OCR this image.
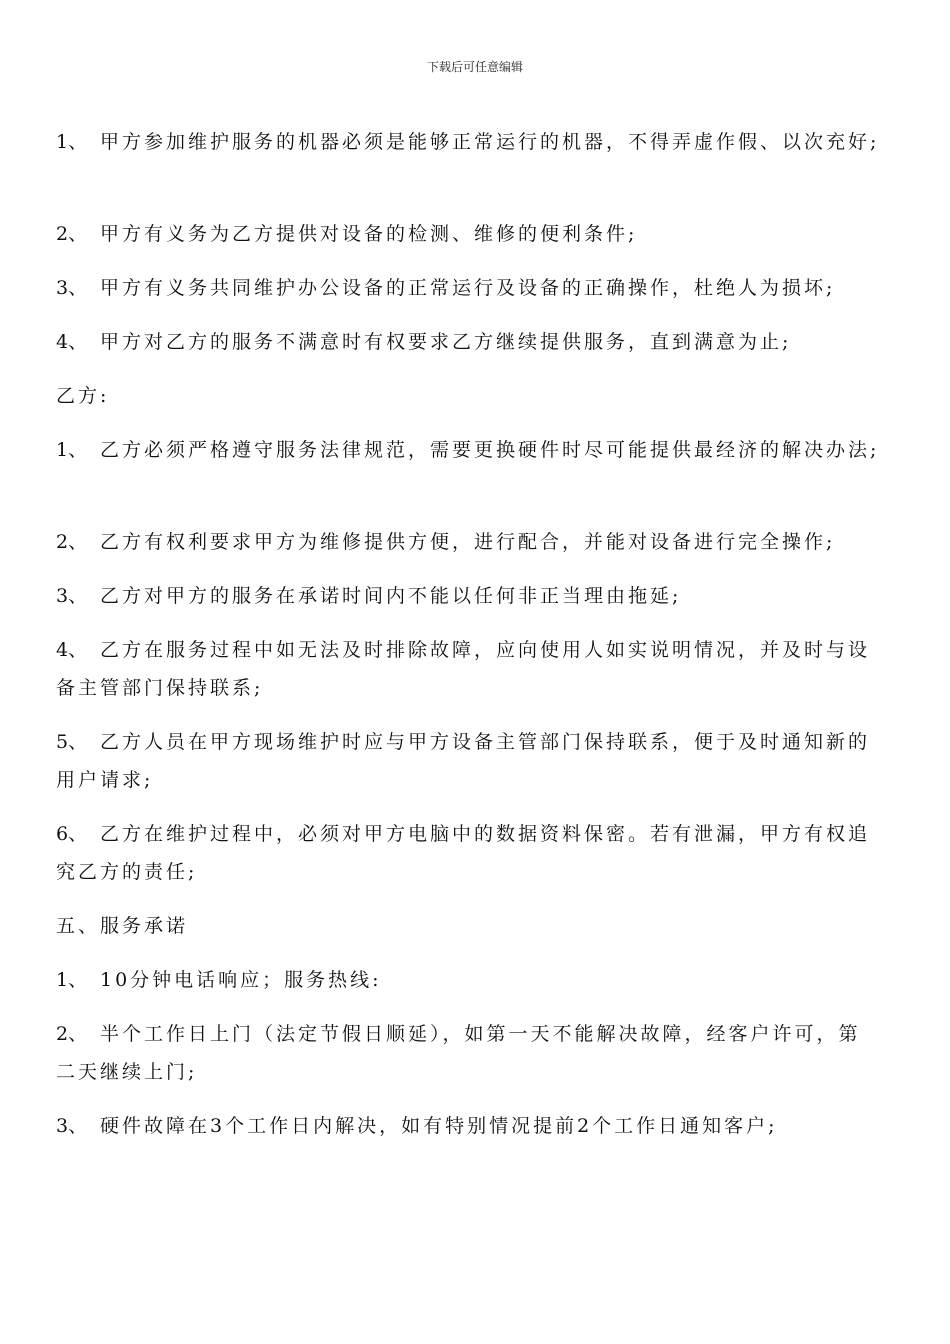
下载后可任意编辑
1、 甲方参加维护服务的机器必须是能够正常运行的机器，不得弄虚作假、以次充好;
2、 甲方有义务为乙方提供对设备的检测、维修的便利条件;
3、 甲方有义务共同维护办公设备的正常运行及设备的正确操作，杜绝人为损坏;
4、 甲方对乙方的服务不满意时有权要求乙方继续提供服务，直到满意为止;
乙方:
1、 乙方必须严格遵守服务法律规范，需要更换硬件时尽可能提供最经济的解决办法;
2、 乙方有权利要求甲方为维修提供方便，进行配合，并能对设备进行完全操作;
3、 乙方对甲方的服务在承诺时间内不能以任何非正当理由拖延;
4、 乙方在服务过程中如无法及时排除故障，应向使用人如实说明情况，并及时与设
备主管部门保持联系;
5、 乙方人员在甲方现场维护时应与甲方设备主管部门保持联系，便于及时通知新的
用户请求;
6、 乙方在维护过程中，必须对甲方电脑中的数据资料保密。若有泄漏，甲方有权追
究乙方的责任;
五、服务承诺
1、 10分钟电话响应；服务热线:
2、 半个工作日上门（法定节假日顺延），如第一天不能解决故障，经客户许可，第
二天继续上门;
3、 硬件故障在3个工作日内解决，如有特别情况提前2个工作日通知客户;
